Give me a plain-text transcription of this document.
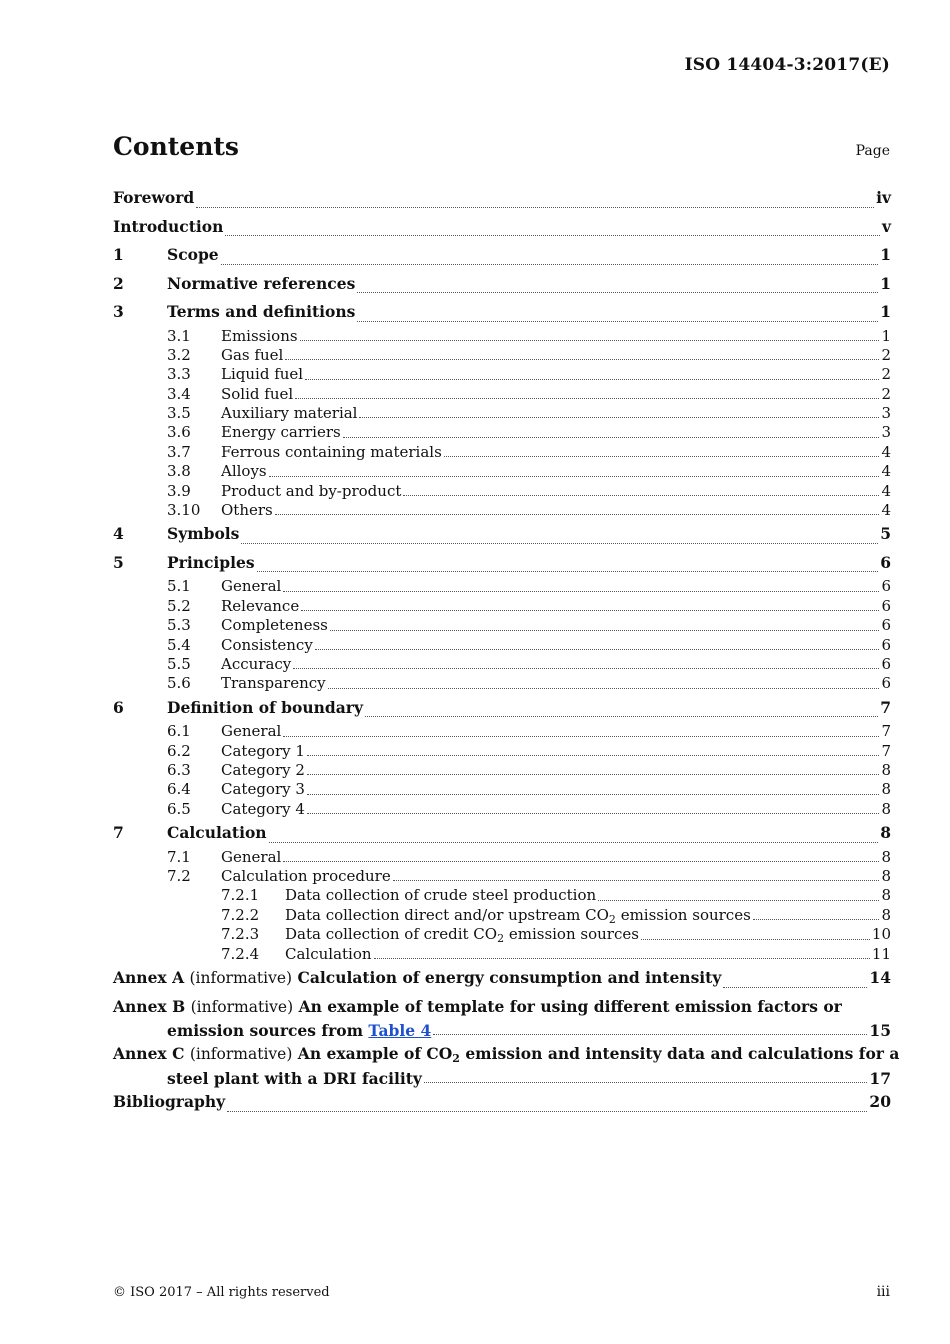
ISO 14404-3:2017(E)
Contents	Page
Foreword	iv
Introduction	v
1	Scope	1
2	Normative references	1
3	Terms and definitions	1
3.1	Emissions	1
3.2	Gas fuel	2
3.3	Liquid fuel	2
3.4	Solid fuel	2
3.5	Auxiliary material	3
3.6	Energy carriers	3
3.7	Ferrous containing materials	4
3.8	Alloys	4
3.9	Product and by-product	4
3.10	Others	4
4	Symbols	5
5	Principles	6
5.1	General	6
5.2	Relevance	6
5.3	Completeness	6
5.4	Consistency	6
5.5	Accuracy	6
5.6	Transparency	6
6	Definition of boundary	7
6.1	General	7
6.2	Category 1	7
6.3	Category 2	8
6.4	Category 3	8
6.5	Category 4	8
7	Calculation	8
7.1	General	8
7.2	Calculation procedure	8
7.2.1	Data collection of crude steel production	8
7.2.2	Data collection direct and/or upstream $CO_2$ emission sources	8
7.2.3	Data collection of credit $CO_2$ emission sources	10
7.2.4	Calculation	11
Annex A (informative) Calculation of energy consumption and intensity	14
Annex B (informative) An example of template for using different emission factors or
emission sources from Table 4	15
Annex C (informative) An example of $CO_2$ emission and intensity data and calculations for a
steel plant with a DRI facility	17
Bibliography	20
© ISO 2017 – All rights reserved	iii
